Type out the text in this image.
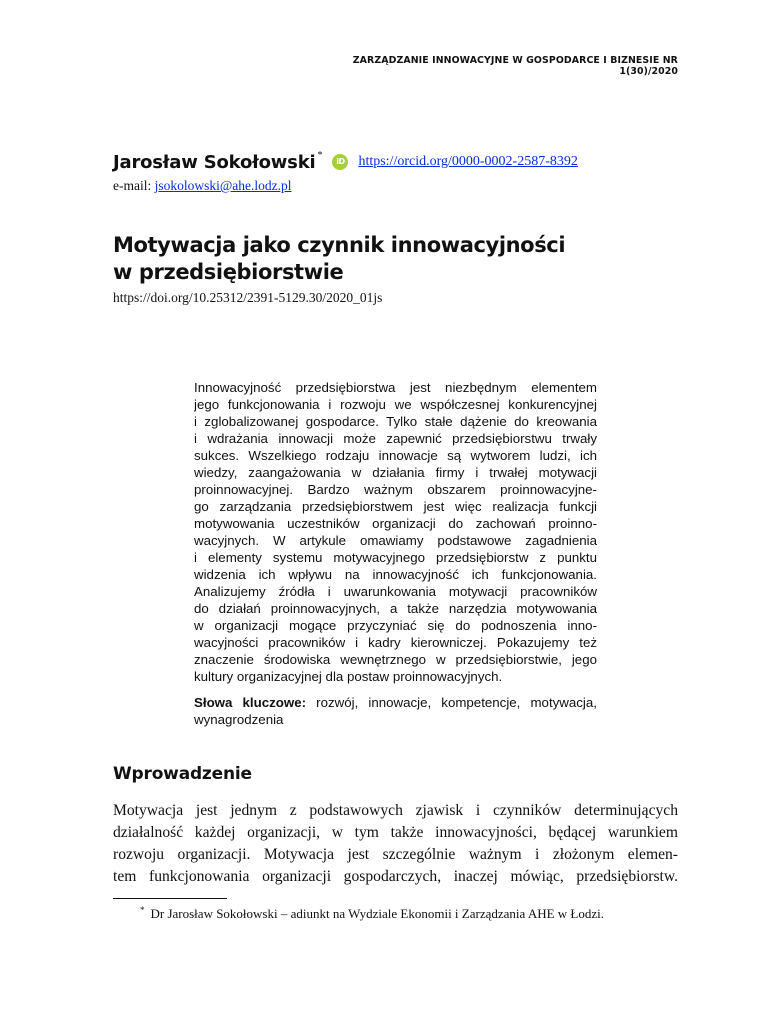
ZARZĄDZANIE INNOWACYJNE W GOSPODARCE I BIZNESIE NR 1(30)/2020
Jarosław Sokołowski * iD https://orcid.org/0000-0002-2587-8392
e-mail: jsokolowski@ahe.lodz.pl
Motywacja jako czynnik innowacyjności
w przedsiębiorstwie
https://doi.org/10.25312/2391-5129.30/2020_01js
Innowacyjność przedsiębiorstwa jest niezbędnym elementem
jego funkcjonowania i rozwoju we współczesnej konkurencyjnej
i zglobalizowanej gospodarce. Tylko stałe dążenie do kreowania
i wdrażania innowacji może zapewnić przedsiębiorstwu trwały
sukces. Wszelkiego rodzaju innowacje są wytworem ludzi, ich
wiedzy, zaangażowania w działania firmy i trwałej motywacji
proinnowacyjnej. Bardzo ważnym obszarem proinnowacyjne-
go zarządzania przedsiębiorstwem jest więc realizacja funkcji
motywowania uczestników organizacji do zachowań proinno-
wacyjnych. W artykule omawiamy podstawowe zagadnienia
i elementy systemu motywacyjnego przedsiębiorstw z punktu
widzenia ich wpływu na innowacyjność ich funkcjonowania.
Analizujemy źródła i uwarunkowania motywacji pracowników
do działań proinnowacyjnych, a także narzędzia motywowania
w organizacji mogące przyczyniać się do podnoszenia inno-
wacyjności pracowników i kadry kierowniczej. Pokazujemy też
znaczenie środowiska wewnętrznego w przedsiębiorstwie, jego
kultury organizacyjnej dla postaw proinnowacyjnych.
Słowa kluczowe: rozwój, innowacje, kompetencje, motywacja,
wynagrodzenia
Wprowadzenie
Motywacja jest jednym z podstawowych zjawisk i czynników determinujących
działalność każdej organizacji, w tym także innowacyjności, będącej warunkiem
rozwoju organizacji. Motywacja jest szczególnie ważnym i złożonym elemen-
tem funkcjonowania organizacji gospodarczych, inaczej mówiąc, przedsiębiorstw.
* Dr Jarosław Sokołowski – adiunkt na Wydziale Ekonomii i Zarządzania AHE w Łodzi.
